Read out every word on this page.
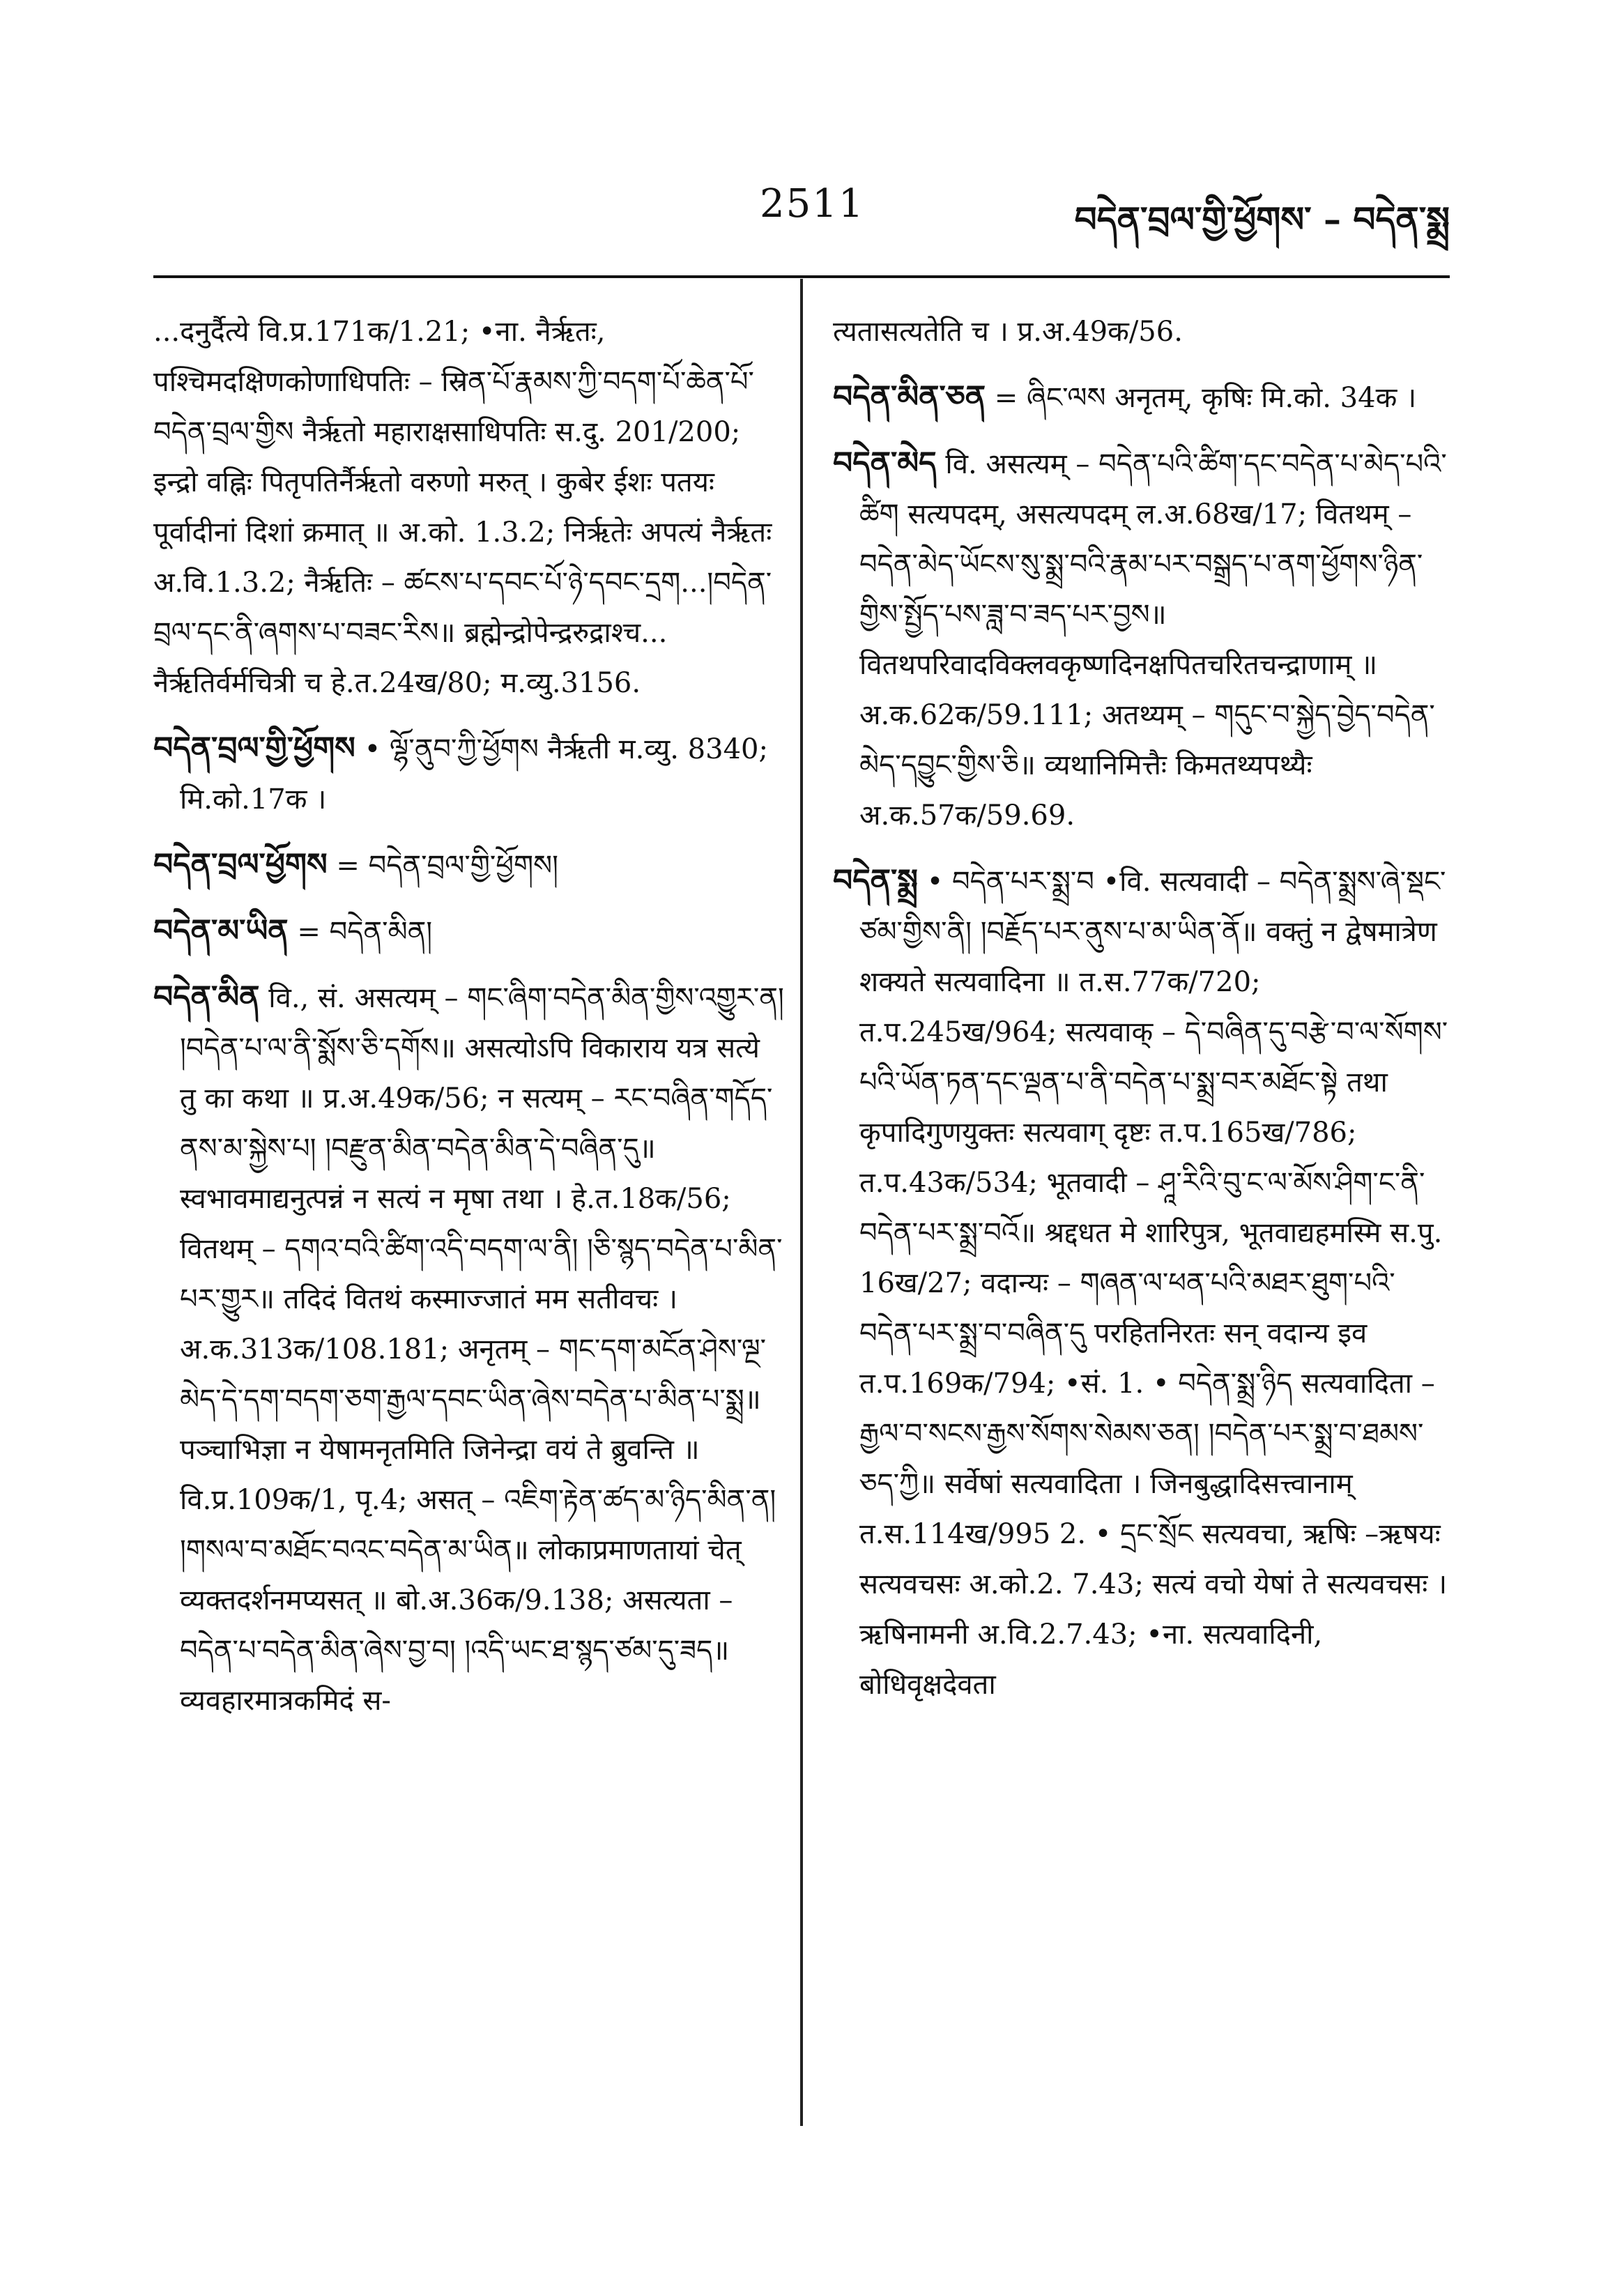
2511	བདེན་བྲལ་གྱི་ཕྱོགས་ – བདེན་སྨྲ

...दनुर्दैत्ये वि.प्र.171क/1.21; •ना. नैर्ऋतः, पश्चिमदक्षिणकोणाधिपतिः – स्रिན་པོ་རྣམས་ཀྱི་བདག་པོ་ཆེན་པོ་བདེན་བྲལ་གྱིས नैर्ऋतो महाराक्षसाधिपतिः स.दु. 201/200; इन्द्रो वह्निः पितृपतिर्नैर्ऋतो वरुणो मरुत् । कुबेर ईशः पतयः पूर्वादीनां दिशां क्रमात् ॥ अ.को. 1.3.2; निर्ऋतेः अपत्यं नैर्ऋतः अ.वि.1.3.2; नैर्ऋतिः – ཚངས་པ་དབང་པོ་ཉེ་དབང་དྲག...།བདེན་བྲལ་དང་ནི་ཞགས་པ་བཟང་རིས॥ ब्रह्मेन्द्रोपेन्द्ररुद्राश्च... नैर्ऋतिर्वर्मचित्री च हे.त.24ख/80; म.व्यु.3156.

བདེན་བྲལ་གྱི་ཕྱོགས • ལྷོ་ནུབ་ཀྱི་ཕྱོགས नैर्ऋती म.व्यु. 8340; मि.को.17क ।

བདེན་བྲལ་ཕྱོགས = བདེན་བྲལ་གྱི་ཕྱོགས།

བདེན་མ་ཡིན = བདེན་མིན།

བདེན་མིན वि., सं. असत्यम् – གང་ཞིག་བདེན་མིན་གྱིས་འགྱུར་ན། །བདེན་པ་ལ་ནི་སྨོས་ཅི་དགོས॥ असत्योऽपि विकाराय यत्र सत्ये तु का कथा ॥ प्र.अ.49क/56; न सत्यम् – རང་བཞིན་གདོད་ནས་མ་སྐྱེས་པ། །བརྫུན་མིན་བདེན་མིན་དེ་བཞིན་དུ॥ स्वभावमाद्यनुत्पन्नं न सत्यं न मृषा तथा । हे.त.18क/56; वितथम् – དགའ་བའི་ཚིག་འདི་བདག་ལ་ནི། །ཅི་སྙད་བདེན་པ་མིན་པར་གྱུར॥ तदिदं वितथं कस्माज्जातं मम सतीवचः । अ.क.313क/108.181; अनृतम् – གང་དག་མངོན་ཤེས་ལྔ་མེད་དེ་དག་བདག་ཅག་རྒྱལ་དབང་ཡིན་ཞེས་བདེན་པ་མིན་པ་སྨྲ॥ पञ्चाभिज्ञा न येषामनृतमिति जिनेन्द्रा वयं ते ब्रुवन्ति ॥ वि.प्र.109क/1, पृ.4; असत् – འཇིག་རྟེན་ཚད་མ་ཉིད་མིན་ན། །གསལ་བ་མཐོང་བའང་བདེན་མ་ཡིན॥ लोकाप्रमाणतायां चेत् व्यक्तदर्शनमप्यसत् ॥ बो.अ.36क/9.138; असत्यता – བདེན་པ་བདེན་མིན་ཞེས་བྱ་བ། །འདི་ཡང་ཐ་སྙད་ཙམ་དུ་ཟད॥ व्यवहारमात्रकमिदं स-

त्यतासत्यतेति च । प्र.अ.49क/56.

བདེན་མིན་ཅན = ཞིང་ལས अनृतम्, कृषिः मि.को. 34क ।

བདེན་མེད वि. असत्यम् – བདེན་པའི་ཚིག་དང་བདེན་པ་མེད་པའི་ཚིག सत्यपदम्, असत्यपदम् ल.अ.68ख/17; वितथम् – བདེན་མེད་ཡོངས་སུ་སྨྲ་བའི་རྣམ་པར་བསྒྲད་པ་ནག་ཕྱོགས་ཉིན་གྱིས་སྤྱོད་པས་ཟླ་བ་ཟད་པར་བྱས॥ वितथपरिवादविक्लवकृष्णदिनक्षपितचरितचन्द्राणाम् ॥ अ.क.62क/59.111; अतथ्यम् – གདུང་བ་སྐྱེད་བྱེད་བདེན་མེད་དབྱུང་གྱིས་ཅི॥ व्यथानिमित्तैः किमतथ्यपथ्यैः अ.क.57क/59.69.

བདེན་སྨྲ • བདེན་པར་སྨྲ་བ •वि. सत्यवादी – བདེན་སྨྲས་ཞེ་སྡང་ཙམ་གྱིས་ནི། །བརྗོད་པར་ནུས་པ་མ་ཡིན་ནོ॥ वक्तुं न द्वेषमात्रेण शक्यते सत्यवादिना ॥ त.स.77क/720; त.प.245ख/964; सत्यवाक् – དེ་བཞིན་དུ་བརྩེ་བ་ལ་སོགས་པའི་ཡོན་ཏན་དང་ལྡན་པ་ནི་བདེན་པ་སྨྲ་བར་མཐོང་སྟེ तथा कृपादिगुणयुक्तः सत्यवाग् दृष्टः त.प.165ख/786; त.प.43क/534; भूतवादी – ཤཱ་རིའི་བུ་ང་ལ་མོས་ཤིག་ང་ནི་བདེན་པར་སྨྲ་བའོ॥ श्रद्दधत मे शारिपुत्र, भूतवाद्यहमस्मि स.पु. 16ख/27; वदान्यः – གཞན་ལ་ཕན་པའི་མཐར་ཐུག་པའི་བདེན་པར་སྨྲ་བ་བཞིན་དུ परहितनिरतः सन् वदान्य इव त.प.169क/794; •सं. 1. • བདེན་སྨྲ་ཉིད सत्यवादिता – རྒྱལ་བ་སངས་རྒྱས་སོགས་སེམས་ཅན། །བདེན་པར་སྨྲ་བ་ཐམས་ཅད་ཀྱི॥ सर्वेषां सत्यवादिता । जिनबुद्धादिसत्त्वानाम् त.स.114ख/995 2. • དྲང་སྲོང सत्यवचा, ऋषिः –ऋषयः सत्यवचसः अ.को.2. 7.43; सत्यं वचो येषां ते सत्यवचसः । ऋषिनामनी अ.वि.2.7.43; •ना. सत्यवादिनी, बोधिवृक्षदेवता
